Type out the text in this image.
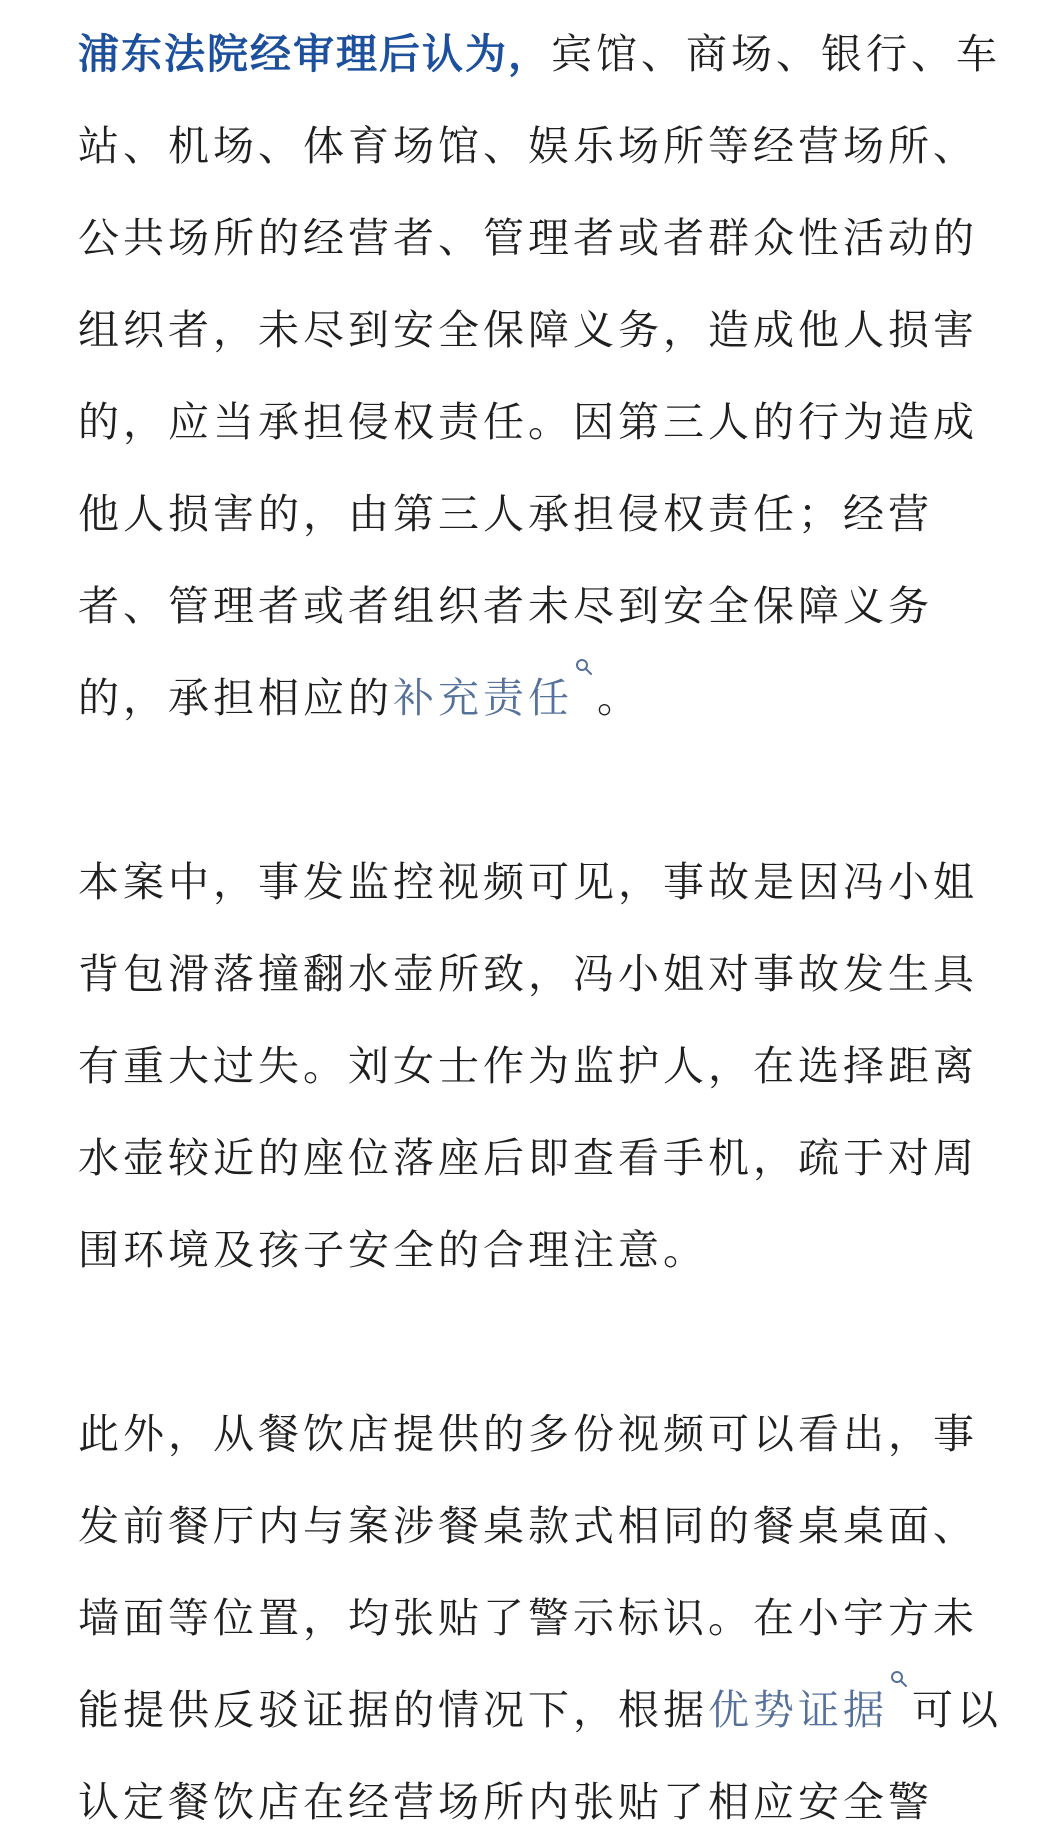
浦东法院经审理后认为，宾馆、商场、银行、车站、机场、体育场馆、娱乐场所等经营场所、公共场所的经营者、管理者或者群众性活动的组织者，未尽到安全保障义务，造成他人损害的，应当承担侵权责任。因第三人的行为造成他人损害的，由第三人承担侵权责任；经营者、管理者或者组织者未尽到安全保障义务的，承担相应的补充责任 。

本案中，事发监控视频可见，事故是因冯小姐背包滑落撞翻水壶所致，冯小姐对事故发生具有重大过失。刘女士作为监护人，在选择距离水壶较近的座位落座后即查看手机，疏于对周围环境及孩子安全的合理注意。

此外，从餐饮店提供的多份视频可以看出，事发前餐厅内与案涉餐桌款式相同的餐桌桌面、墙面等位置，均张贴了警示标识。在小宇方未能提供反驳证据的情况下，根据优势证据 可以认定餐饮店在经营场所内张贴了相应安全警
